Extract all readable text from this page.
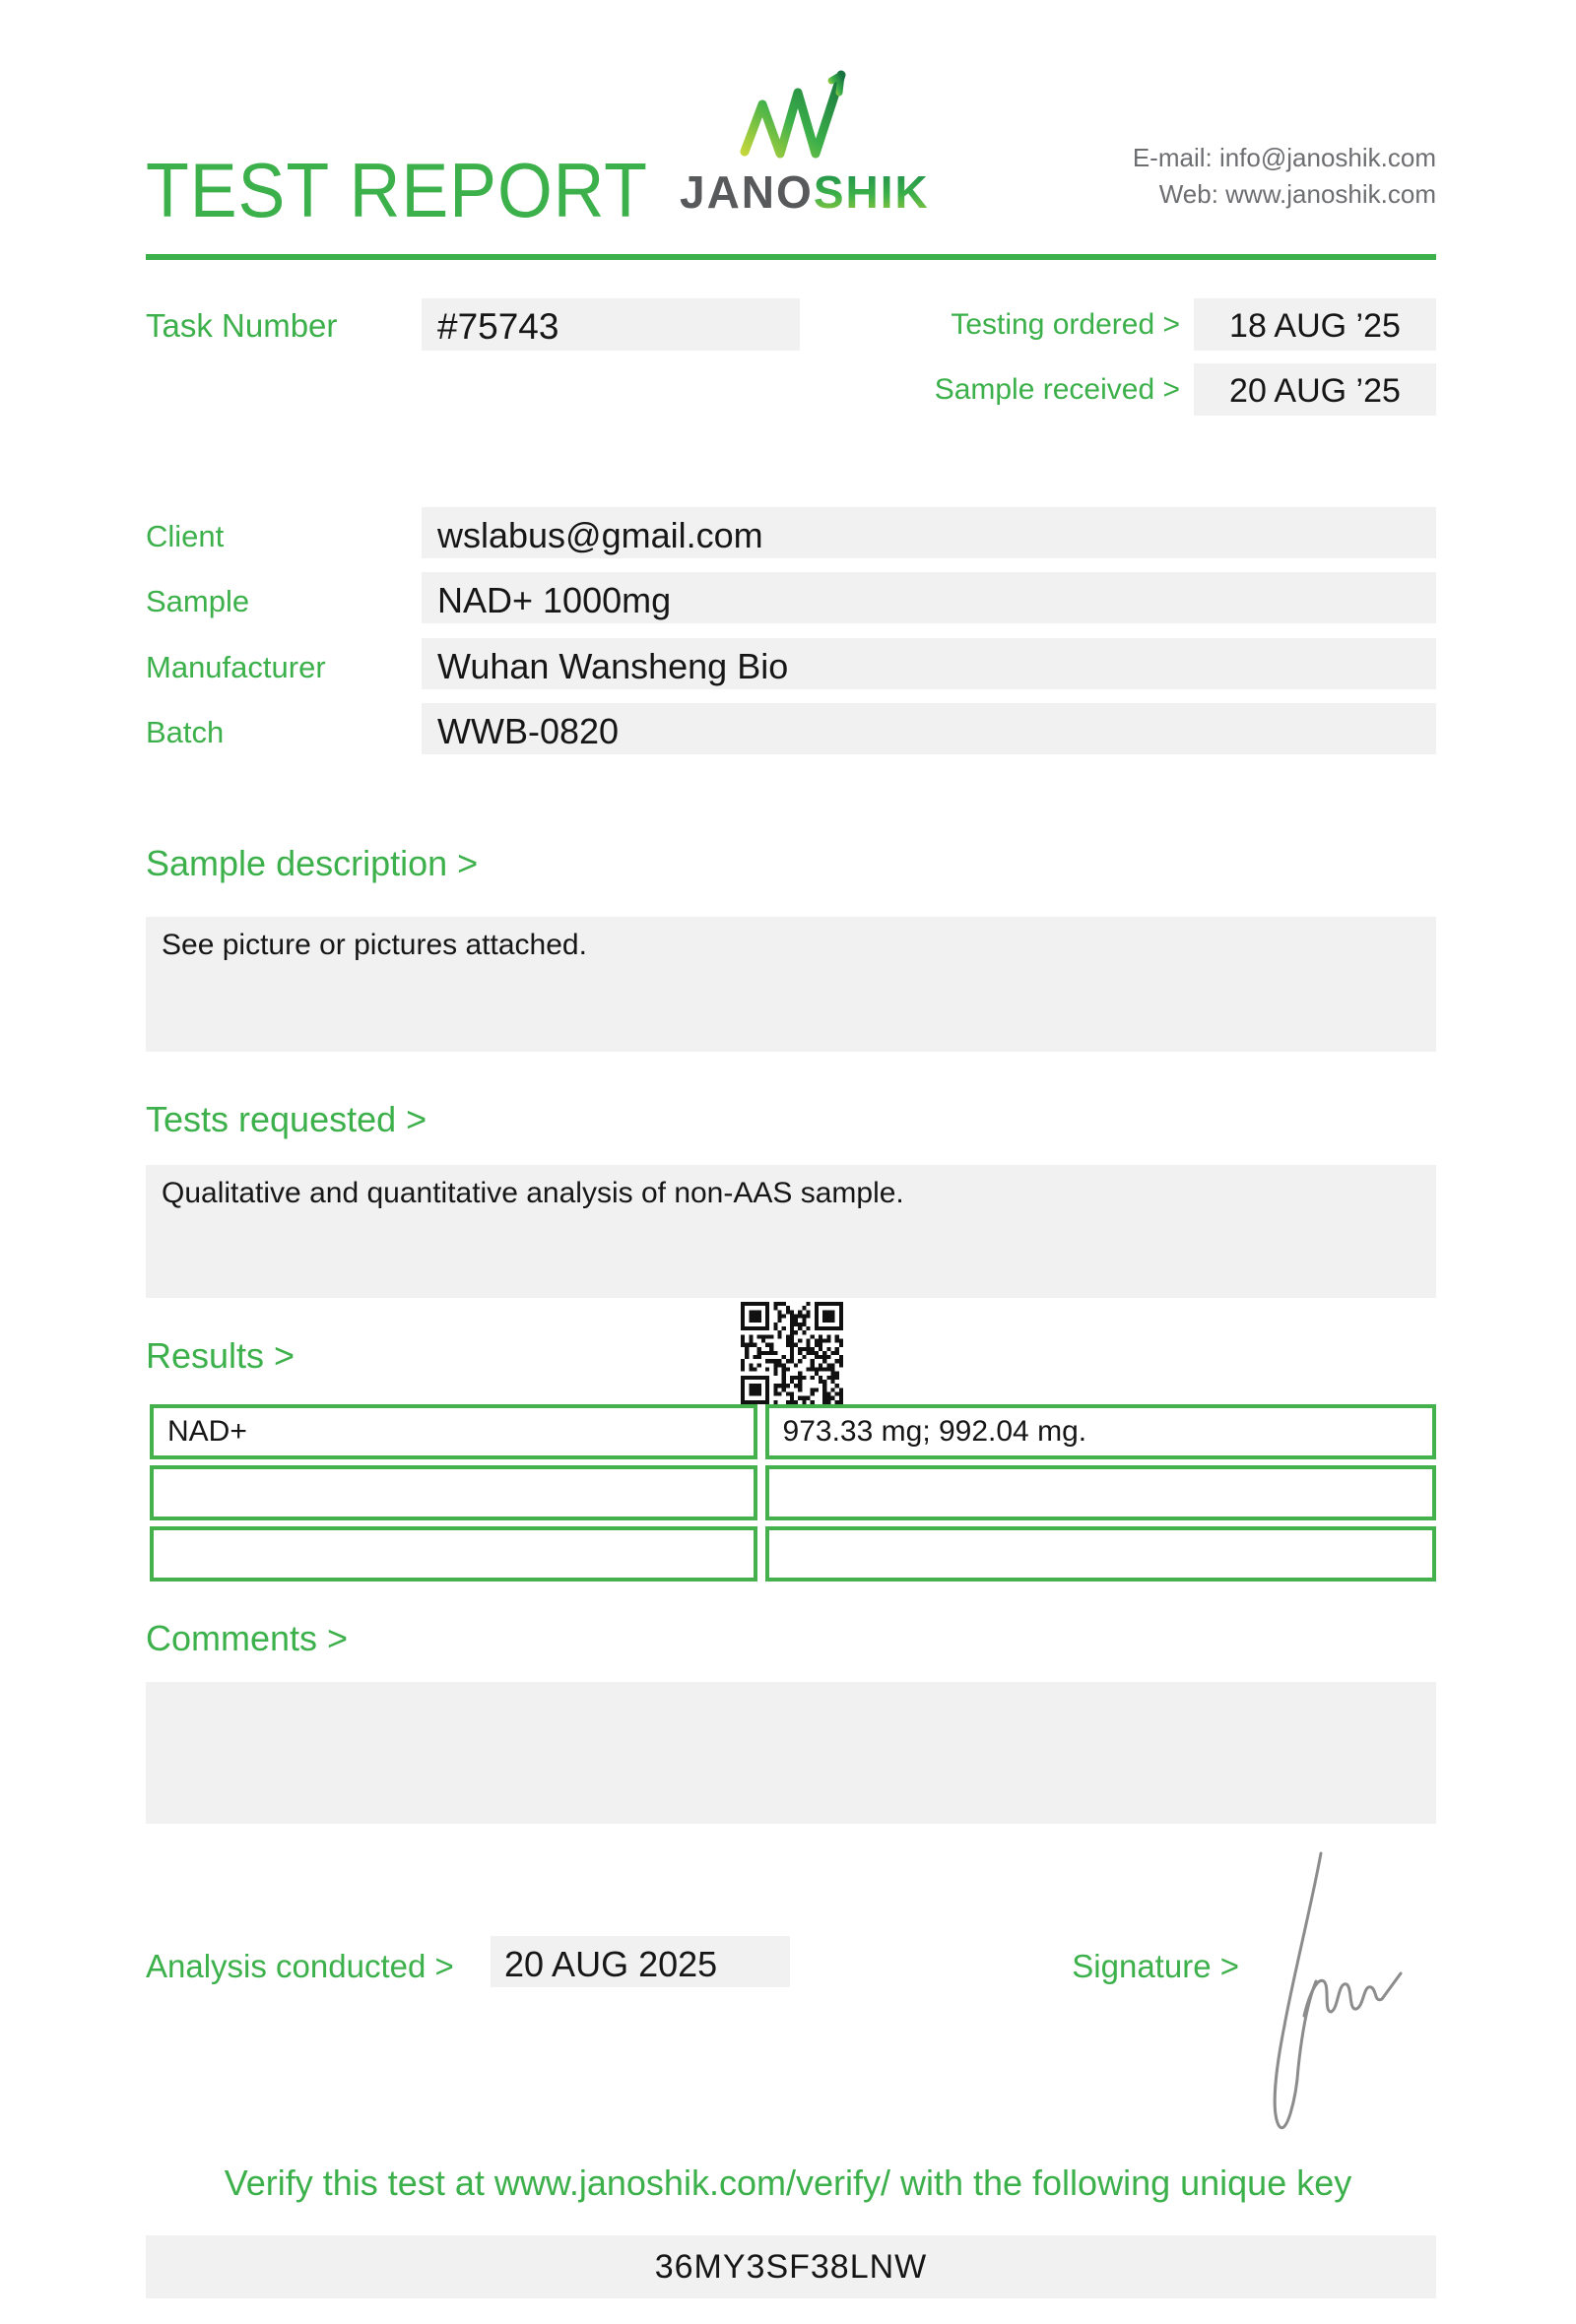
TEST REPORT JANOSHIK
E-mail: info@janoshik.com
Web: www.janoshik.com
Task Number	#75743	Testing ordered >	18 AUG ’25
Sample received >	20 AUG ’25
Client	wslabus@gmail.com
Sample	NAD+ 1000mg
Manufacturer	Wuhan Wansheng Bio
Batch	WWB-0820
Sample description >
See picture or pictures attached.
Tests requested >
Qualitative and quantitative analysis of non-AAS sample.
Results >
NAD+	973.33 mg; 992.04 mg.

Comments >
Analysis conducted >	20 AUG 2025	Signature >
Verify this test at www.janoshik.com/verify/ with the following unique key
36MY3SF38LNW
